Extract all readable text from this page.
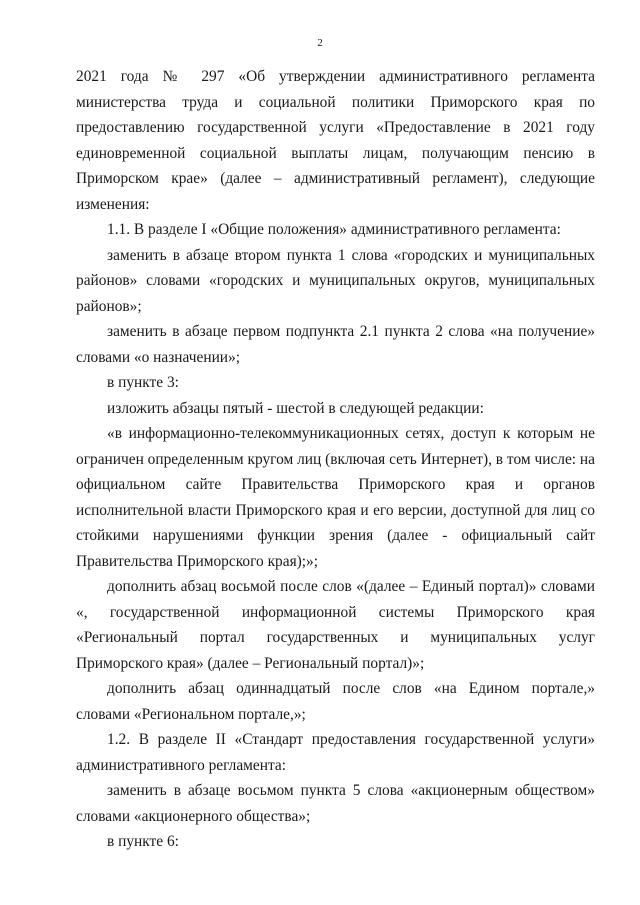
2

2021 года № 297 «Об утверждении административного регламента министерства труда и социальной политики Приморского края по предоставлению государственной услуги «Предоставление в 2021 году единовременной социальной выплаты лицам, получающим пенсию в Приморском крае» (далее – административный регламент), следующие изменения:

1.1. В разделе I «Общие положения» административного регламента:

заменить в абзаце втором пункта 1 слова «городских и муниципальных районов» словами «городских и муниципальных округов, муниципальных районов»;

заменить в абзаце первом подпункта 2.1 пункта 2 слова «на получение» словами «о назначении»;

в пункте 3:

изложить абзацы пятый - шестой в следующей редакции:

«в информационно-телекоммуникационных сетях, доступ к которым не ограничен определенным кругом лиц (включая сеть Интернет), в том числе: на официальном сайте Правительства Приморского края и органов исполнительной власти Приморского края и его версии, доступной для лиц со стойкими нарушениями функции зрения (далее - официальный сайт Правительства Приморского края);»;

дополнить абзац восьмой после слов «(далее – Единый портал)» словами «, государственной информационной системы Приморского края «Региональный портал государственных и муниципальных услуг Приморского края» (далее – Региональный портал)»;

дополнить абзац одиннадцатый после слов «на Едином портале,» словами «Региональном портале,»;

1.2. В разделе II «Стандарт предоставления государственной услуги» административного регламента:

заменить в абзаце восьмом пункта 5 слова «акционерным обществом» словами «акционерного общества»;

в пункте 6:
